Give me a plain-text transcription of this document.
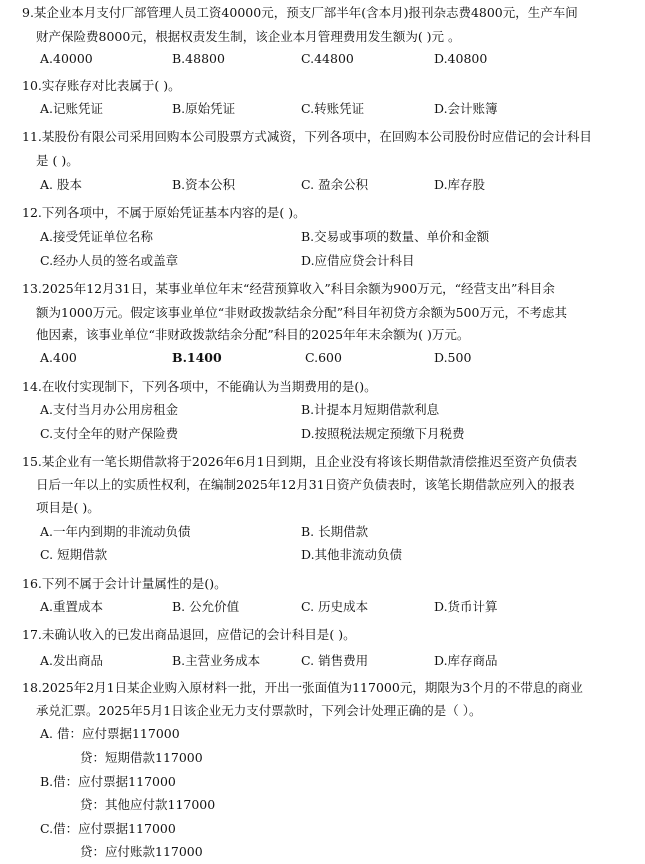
9.某企业本月支付厂部管理人员工资40000元，预支厂部半年(含本月)报刊杂志费4800元，生产车间
财产保险费8000元，根据权责发生制，该企业本月管理费用发生额为( )元 。
A.40000	B.48800	C.44800	D.40800
10.实存账存对比表属于( )。
A.记账凭证	B.原始凭证	C.转账凭证	D.会计账簿
11.某股份有限公司采用回购本公司股票方式减资，下列各项中，在回购本公司股份时应借记的会计科目
是 ( )。
A. 股本	B.资本公积	C. 盈余公积	D.库存股
12.下列各项中，不属于原始凭证基本内容的是( )。
A.接受凭证单位名称	B.交易或事项的数量、单价和金额
C.经办人员的签名或盖章	D.应借应贷会计科目
13.2025年12月31日，某事业单位年末“经营预算收入”科目余额为900万元，“经营支出”科目余
额为1000万元。假定该事业单位“非财政拨款结余分配”科目年初贷方余额为500万元，不考虑其
他因素，该事业单位“非财政拨款结余分配”科目的2025年年末余额为( )万元。
A.400	B.1400	C.600	D.500
14.在收付实现制下，下列各项中，不能确认为当期费用的是()。
A.支付当月办公用房租金	B.计提本月短期借款利息
C.支付全年的财产保险费	D.按照税法规定预缴下月税费
15.某企业有一笔长期借款将于2026年6月1日到期，且企业没有将该长期借款清偿推迟至资产负债表
日后一年以上的实质性权利，在编制2025年12月31日资产负债表时，该笔长期借款应列入的报表
项目是( )。
A.一年内到期的非流动负债	B. 长期借款
C. 短期借款	D.其他非流动负债
16.下列不属于会计计量属性的是()。
A.重置成本	B. 公允价值	C. 历史成本	D.货币计算
17.未确认收入的已发出商品退回，应借记的会计科目是( )。
A.发出商品	B.主营业务成本	C. 销售费用	D.库存商品
18.2025年2月1日某企业购入原材料一批，开出一张面值为117000元，期限为3个月的不带息的商业
承兑汇票。2025年5月1日该企业无力支付票款时，下列会计处理正确的是（ ）。
A. 借：应付票据117000
贷：短期借款117000
B.借：应付票据117000
贷：其他应付款117000
C.借：应付票据117000
贷：应付账款117000
